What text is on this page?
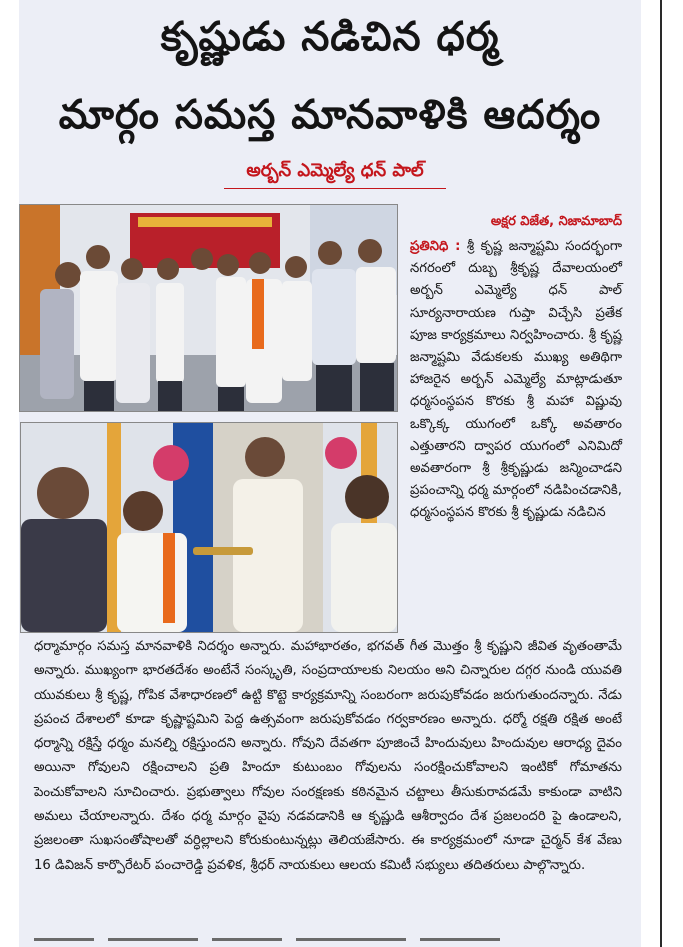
కృష్ణుడు నడిచిన ధర్మ
మార్గం సమస్త మానవాళికి ఆదర్శం
అర్బన్ ఎమ్మెల్యే ధన్ పాల్
అక్షర విజేత, నిజామాబాద్
ప్రతినిధి : శ్రీ కృష్ణ జన్మాష్టమి సందర్భంగా నగరంలో దుబ్బ శ్రీకృష్ణ దేవాలయంలో అర్బన్ ఎమ్మెల్యే ధన్ పాల్ సూర్యనారాయణ గుప్తా విచ్చేసి ప్రతేక పూజ కార్యక్రమాలు నిర్వహించారు. శ్రీ కృష్ణ జన్మాష్టమి వేడుకలకు ముఖ్య అతిథిగా హాజరైన అర్బన్ ఎమ్మెల్యే మాట్లాడుతూ ధర్మసంస్థపన కొరకు శ్రీ మహా విష్ణువు ఒక్కొక్క యుగంలో ఒక్కో అవతారం ఎత్తుతారని ద్వాపర యుగంలో ఎనిమిదో అవతారంగా శ్రీ శ్రీకృష్ణుడు జన్మించాడని ప్రపంచాన్ని ధర్మ మార్గంలో నడిపించడానికి, ధర్మసంస్థపన కొరకు శ్రీ కృష్ణుడు నడిచిన
ధర్మామార్గం సమస్త మానవాళికి నిదర్శం అన్నారు. మహాభారతం, భగవత్ గీత మొత్తం శ్రీ కృష్ణుని జీవిత వృతంతామే అన్నారు. ముఖ్యంగా భారతదేశం అంటేనే సంస్కృతి, సంప్రదాయాలకు నిలయం అని చిన్నారుల దగ్గర నుండి యువతి యువకులు శ్రీ కృష్ణ, గోపిక వేశాధారణలో ఉట్టి కొట్టె కార్యక్రమాన్ని సంబరంగా జరుపుకోవడం జరుగుతుందన్నారు. నేడు ప్రపంచ దేశాలలో కూడా కృష్ణాష్టమిని పెద్ద ఉత్సవంగా జరుపుకోవడం గర్వకారణం అన్నారు. ధర్మో రక్షతి రక్షిత అంటే ధర్మాన్ని రక్షిస్తే ధర్మం మనల్ని రక్షిస్తుందని అన్నారు. గోవుని దేవతగా పూజించే హిందువులు హిందువుల ఆరాధ్య దైవం అయినా గోవులని రక్షించాలని ప్రతి హిందూ కుటుంబం గోవులను సంరక్షించుకోవాలని ఇంటికో గోమాతను పెంచుకోవాలని సూచించారు. ప్రభుత్వాలు గోవుల సంరక్షణకు కఠినమైన చట్టాలు తీసుకురావడమే కాకుండా వాటిని అమలు చేయాలన్నారు. దేశం ధర్మ మార్గం వైపు నడవడానికి ఆ కృష్ణుడి ఆశీర్వాదం దేశ ప్రజలందరి పై ఉండాలని, ప్రజలంతా సుఖసంతోషాలతో వర్ధిల్లాలని కోరుకుంటున్నట్లు తెలియజేసారు. ఈ కార్యక్రమంలో నూడా చైర్మన్ కేశ వేణు 16 డివిజన్ కార్పొరేటర్ పంచారెడ్డి ప్రవళిక, శ్రీధర్ నాయకులు ఆలయ కమిటీ సభ్యులు తదితరులు పాల్గొన్నారు.
